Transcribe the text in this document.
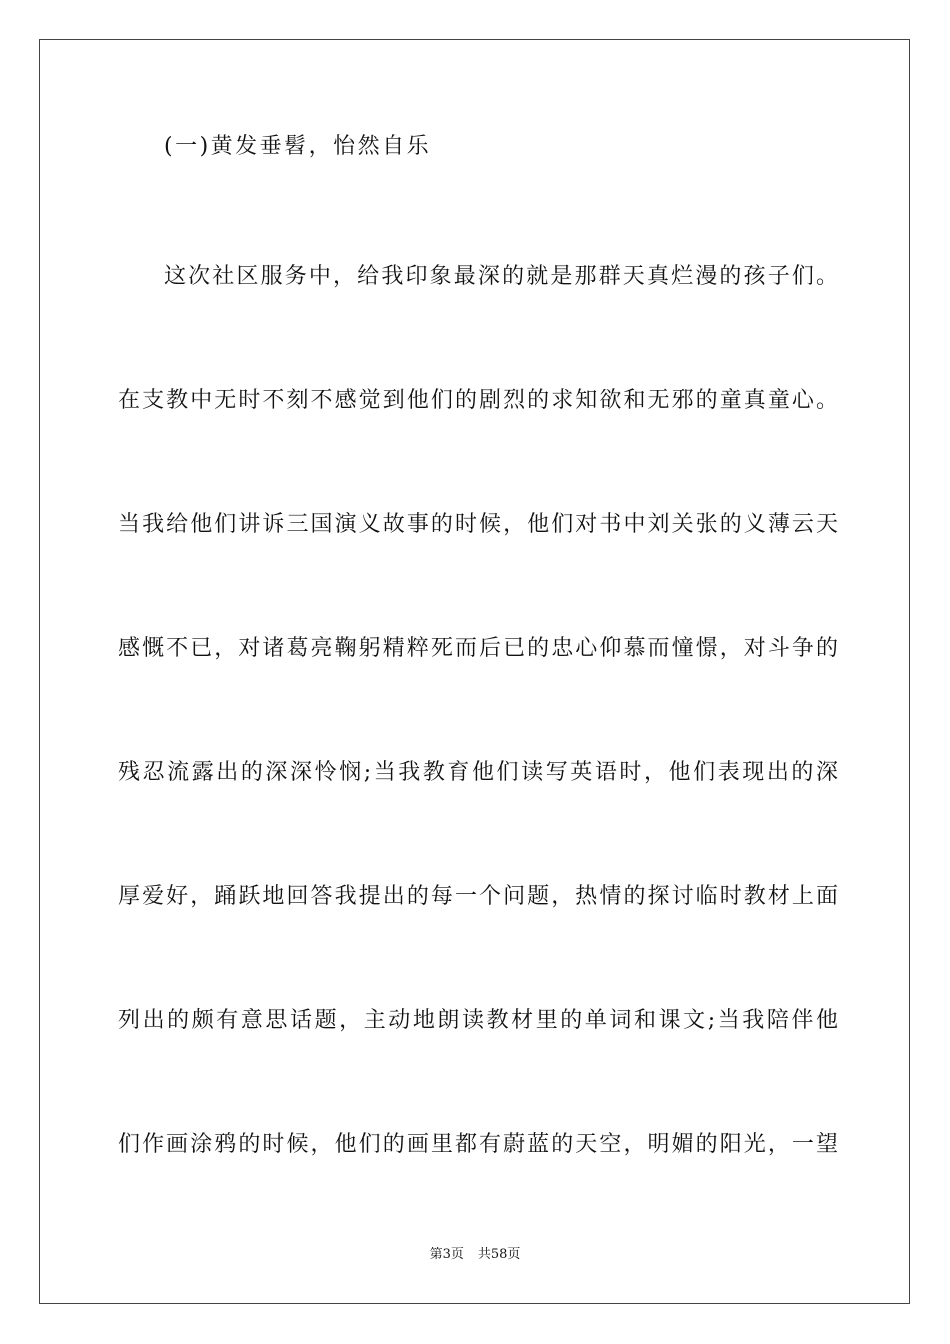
(一)黄发垂髫，怡然自乐
这次社区服务中，给我印象最深的就是那群天真烂漫的孩子们。
在支教中无时不刻不感觉到他们的剧烈的求知欲和无邪的童真童心。
当我给他们讲诉三国演义故事的时候，他们对书中刘关张的义薄云天
感慨不已，对诸葛亮鞠躬精粹死而后已的忠心仰慕而憧憬，对斗争的
残忍流露出的深深怜悯;当我教育他们读写英语时，他们表现出的深
厚爱好，踊跃地回答我提出的每一个问题，热情的探讨临时教材上面
列出的颇有意思话题，主动地朗读教材里的单词和课文;当我陪伴他
们作画涂鸦的时候，他们的画里都有蔚蓝的天空，明媚的阳光，一望
第3页 共58页
